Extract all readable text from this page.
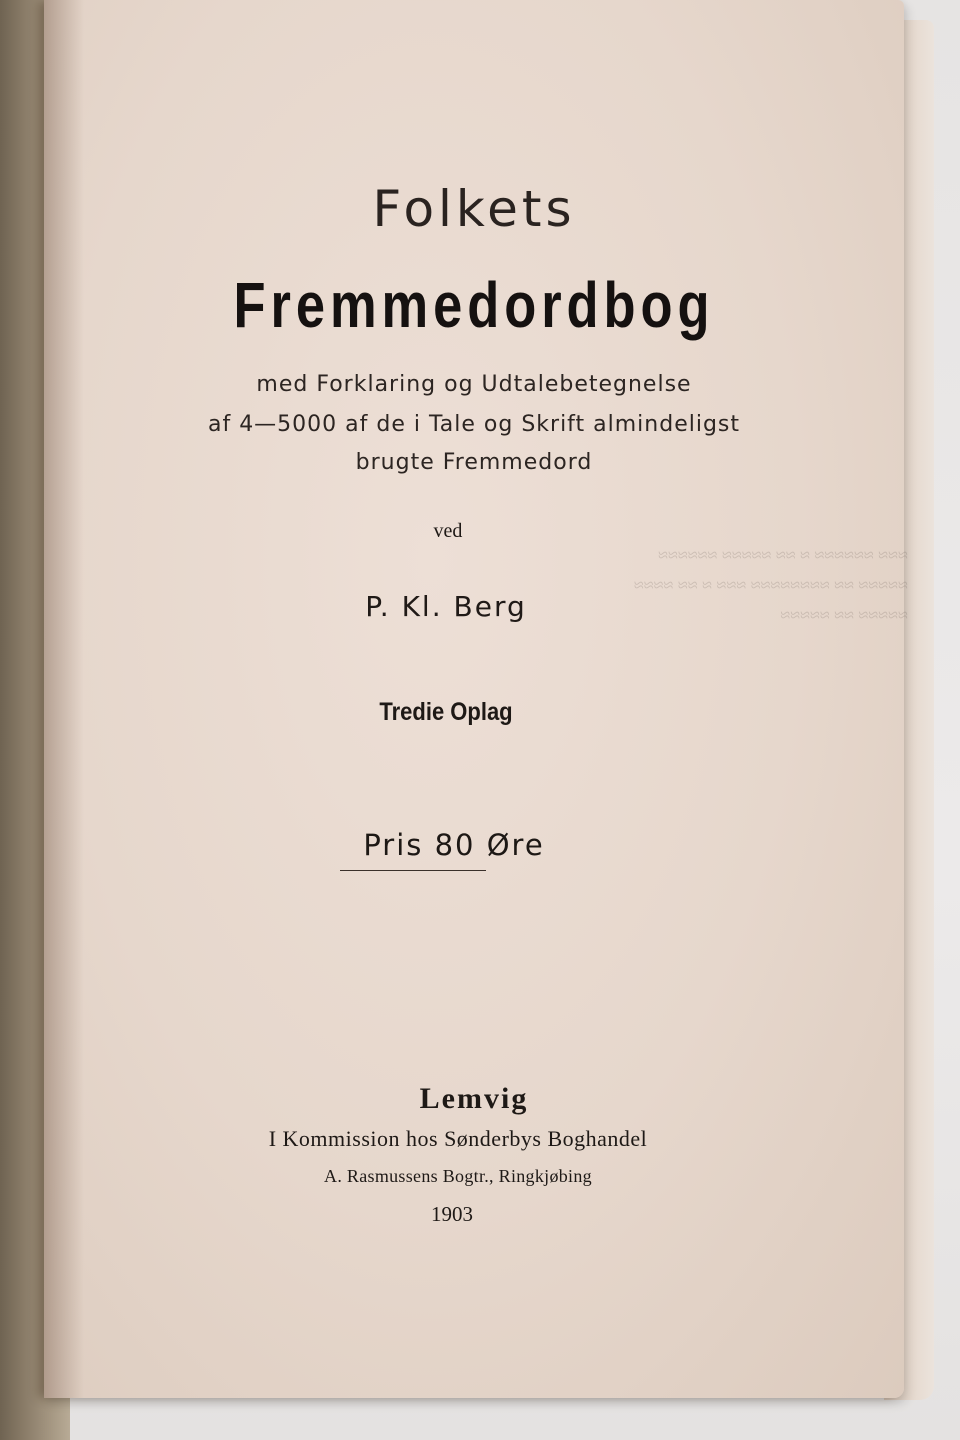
≈≈≈ ≈≈≈≈≈≈ ≈ ≈≈ ≈≈≈≈≈ ≈≈≈≈≈≈
≈≈≈≈≈ ≈≈ ≈≈≈≈≈≈≈≈ ≈≈≈ ≈ ≈≈ ≈≈≈≈
≈≈≈≈≈ ≈≈ ≈≈≈≈≈
Folkets
Fremmedordbog
med Forklaring og Udtalebetegnelse
af 4—5000 af de i Tale og Skrift almindeligst
brugte Fremmedord
ved
P. Kl. Berg
Tredie Oplag
Pris 80 Øre
Lemvig
I Kommission hos Sønderbys Boghandel
A. Rasmussens Bogtr., Ringkjøbing
1903
